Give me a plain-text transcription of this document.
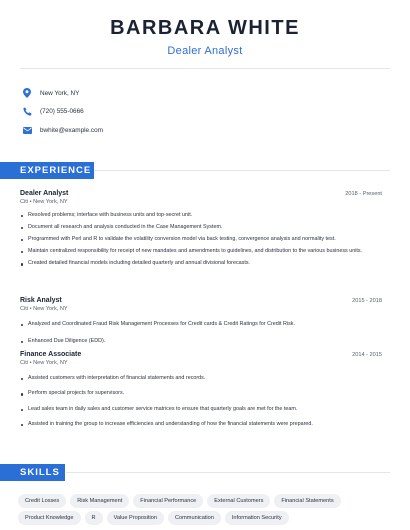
BARBARA WHITE
Dealer Analyst
New York, NY
(720) 555-0666
bwhite@example.com
EXPERIENCE
Dealer Analyst	2018 - Present
Citi • New York, NY
Resolved problems; interface with business units and top-secret unit.
Document all research and analysis conducted in the Case Management System.
Programmed with Perl and R to validate the volatility conversion model via back testing, convergence analysis and normality test.
Maintain centralized responsibility for receipt of new mandates and amendments to guidelines, and distribution to the various business units.
Created detailed financial models including detailed quarterly and annual divisional forecasts.
Risk Analyst	2015 - 2018
Citi • New York, NY
Analyzed and Coordinated Fraud Risk Management Processes for Credit cards & Credit Ratings for Credit Risk.
Enhanced Due Diligence (EDD).
Finance Associate	2014 - 2015
Citi • New York, NY
Assisted customers with interpretation of financial statements and records.
Perform special projects for supervisors.
Lead sales team in daily sales and customer service matrices to ensure that quarterly goals are met for the team.
Assisted in training the group to increase efficiencies and understanding of how the financial statements were prepared.
SKILLS
Credit Losses	Risk Management	Financial Performance	External Customers	Financial Statements
Product Knowledge	R	Value Proposition	Communication	Information Security
